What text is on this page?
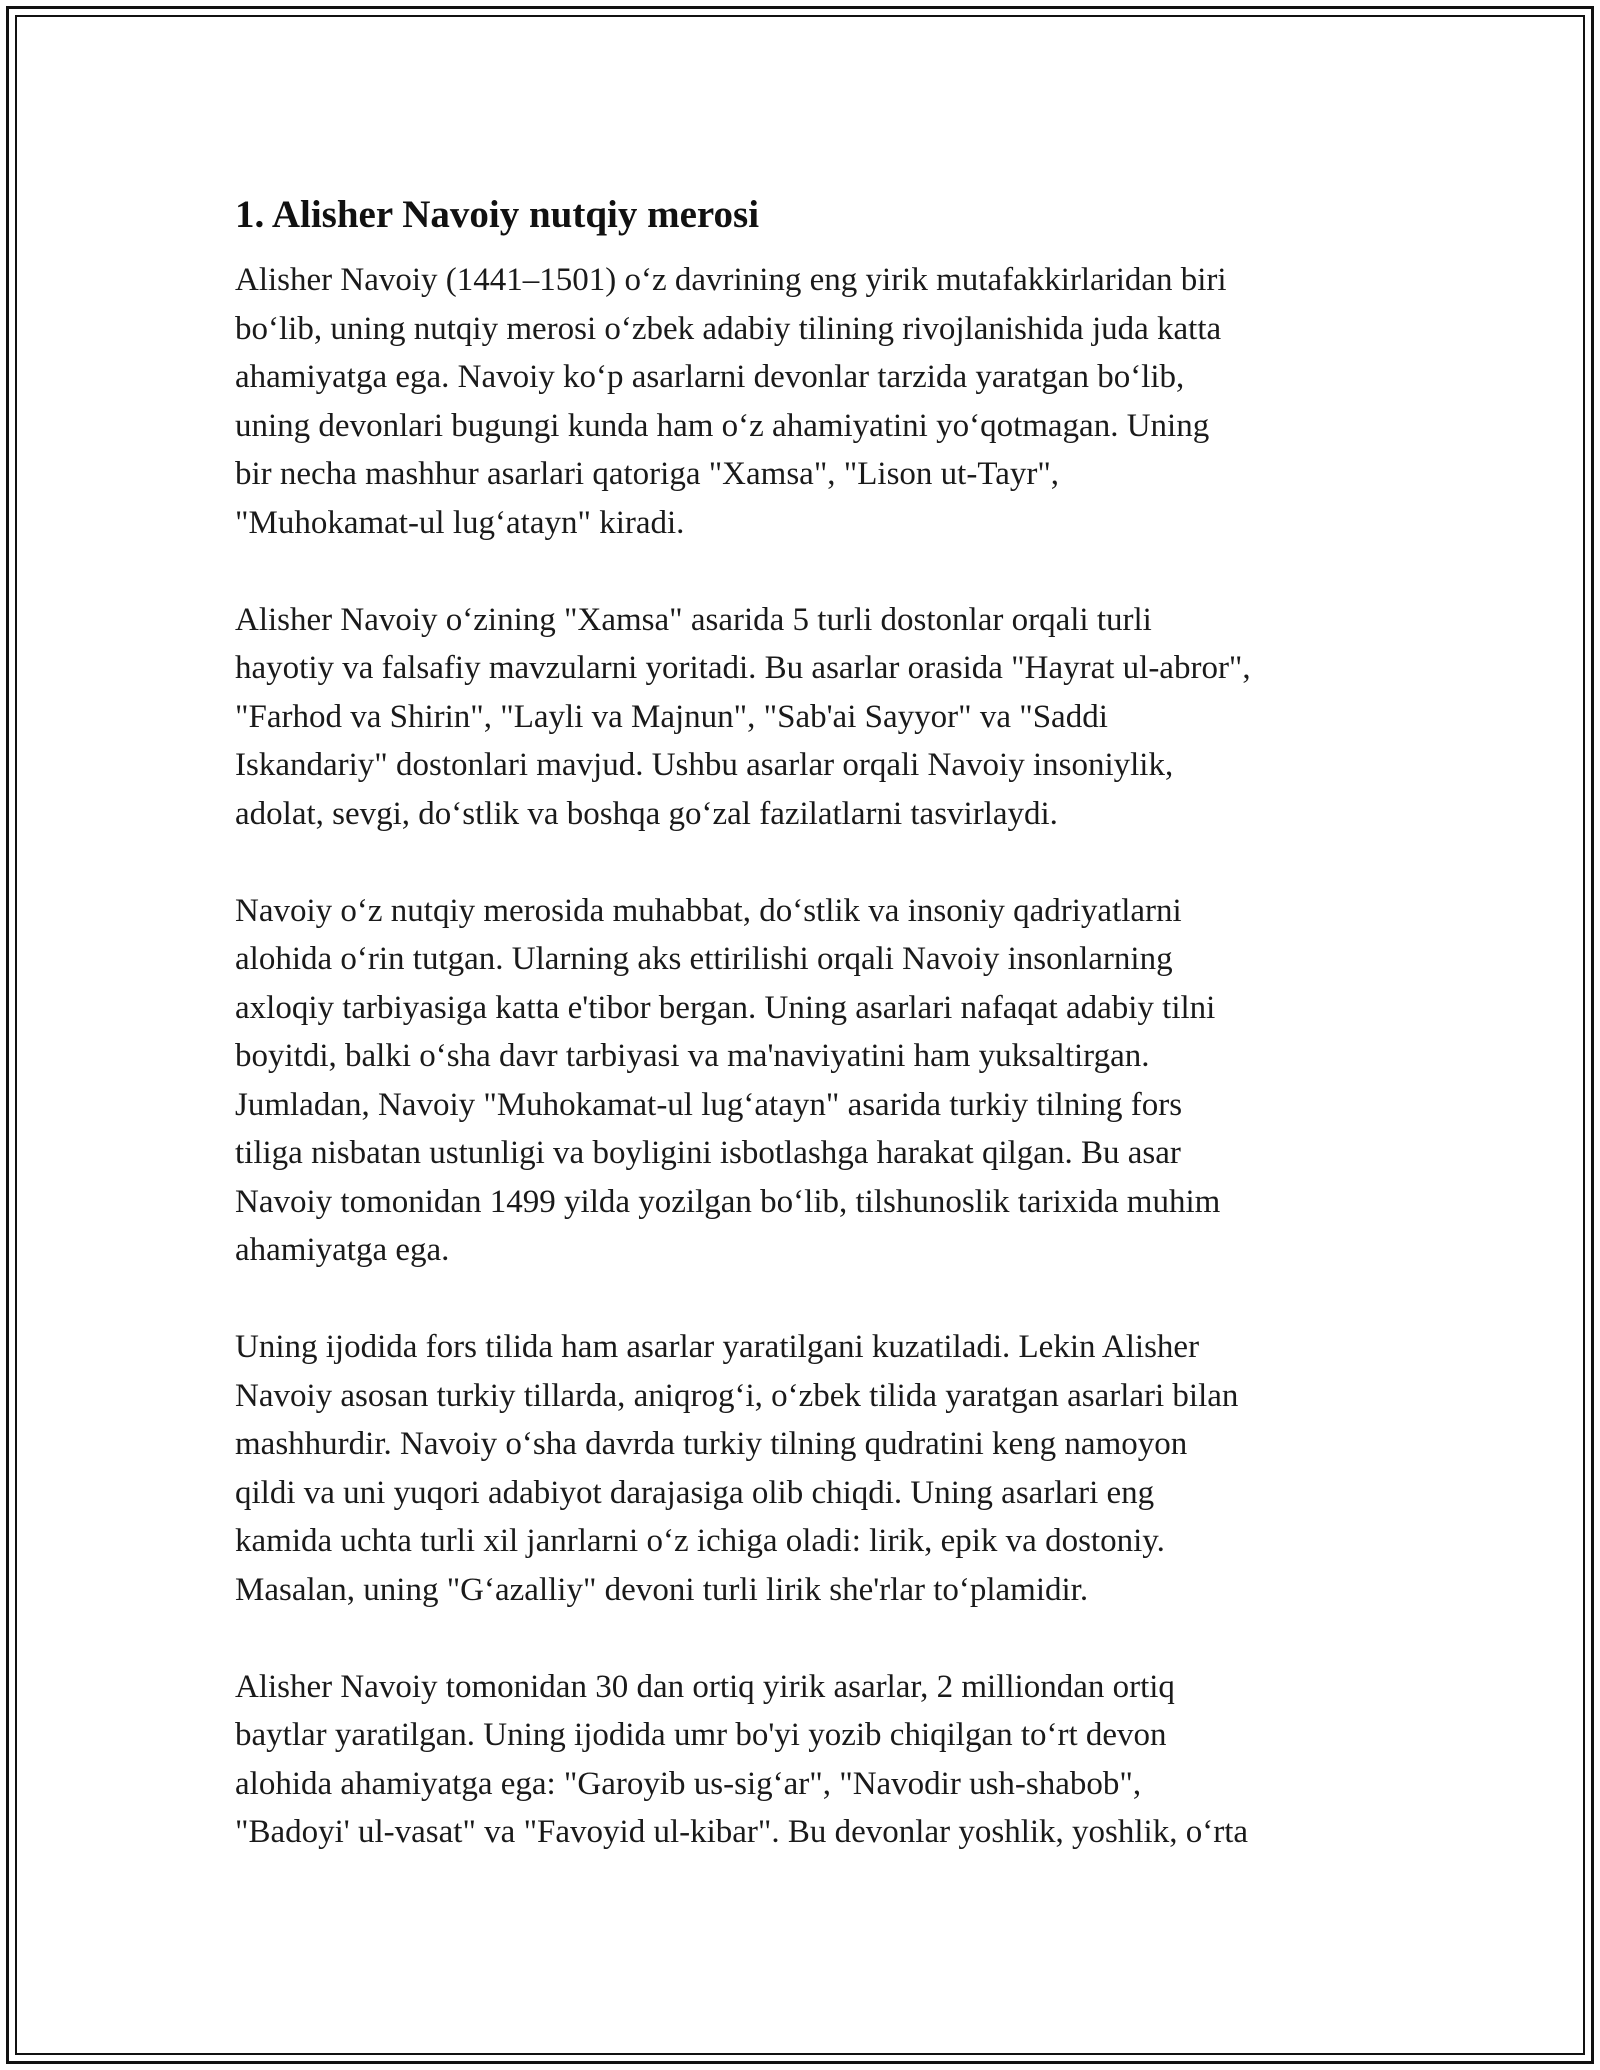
1. Alisher Navoiy nutqiy merosi

Alisher Navoiy (1441–1501) o‘z davrining eng yirik mutafakkirlaridan biri
bo‘lib, uning nutqiy merosi o‘zbek adabiy tilining rivojlanishida juda katta
ahamiyatga ega. Navoiy ko‘p asarlarni devonlar tarzida yaratgan bo‘lib,
uning devonlari bugungi kunda ham o‘z ahamiyatini yo‘qotmagan. Uning
bir necha mashhur asarlari qatoriga "Xamsa", "Lison ut-Tayr",
"Muhokamat-ul lug‘atayn" kiradi.

Alisher Navoiy o‘zining "Xamsa" asarida 5 turli dostonlar orqali turli
hayotiy va falsafiy mavzularni yoritadi. Bu asarlar orasida "Hayrat ul-abror",
"Farhod va Shirin", "Layli va Majnun", "Sab'ai Sayyor" va "Saddi
Iskandariy" dostonlari mavjud. Ushbu asarlar orqali Navoiy insoniylik,
adolat, sevgi, do‘stlik va boshqa go‘zal fazilatlarni tasvirlaydi.

Navoiy o‘z nutqiy merosida muhabbat, do‘stlik va insoniy qadriyatlarni
alohida o‘rin tutgan. Ularning aks ettirilishi orqali Navoiy insonlarning
axloqiy tarbiyasiga katta e'tibor bergan. Uning asarlari nafaqat adabiy tilni
boyitdi, balki o‘sha davr tarbiyasi va ma'naviyatini ham yuksaltirgan.
Jumladan, Navoiy "Muhokamat-ul lug‘atayn" asarida turkiy tilning fors
tiliga nisbatan ustunligi va boyligini isbotlashga harakat qilgan. Bu asar
Navoiy tomonidan 1499 yilda yozilgan bo‘lib, tilshunoslik tarixida muhim
ahamiyatga ega.

Uning ijodida fors tilida ham asarlar yaratilgani kuzatiladi. Lekin Alisher
Navoiy asosan turkiy tillarda, aniqrog‘i, o‘zbek tilida yaratgan asarlari bilan
mashhurdir. Navoiy o‘sha davrda turkiy tilning qudratini keng namoyon
qildi va uni yuqori adabiyot darajasiga olib chiqdi. Uning asarlari eng
kamida uchta turli xil janrlarni o‘z ichiga oladi: lirik, epik va dostoniy.
Masalan, uning "G‘azalliy" devoni turli lirik she'rlar to‘plamidir.

Alisher Navoiy tomonidan 30 dan ortiq yirik asarlar, 2 milliondan ortiq
baytlar yaratilgan. Uning ijodida umr bo'yi yozib chiqilgan to‘rt devon
alohida ahamiyatga ega: "Garoyib us-sig‘ar", "Navodir ush-shabob",
"Badoyi' ul-vasat" va "Favoyid ul-kibar". Bu devonlar yoshlik, yoshlik, o‘rta
